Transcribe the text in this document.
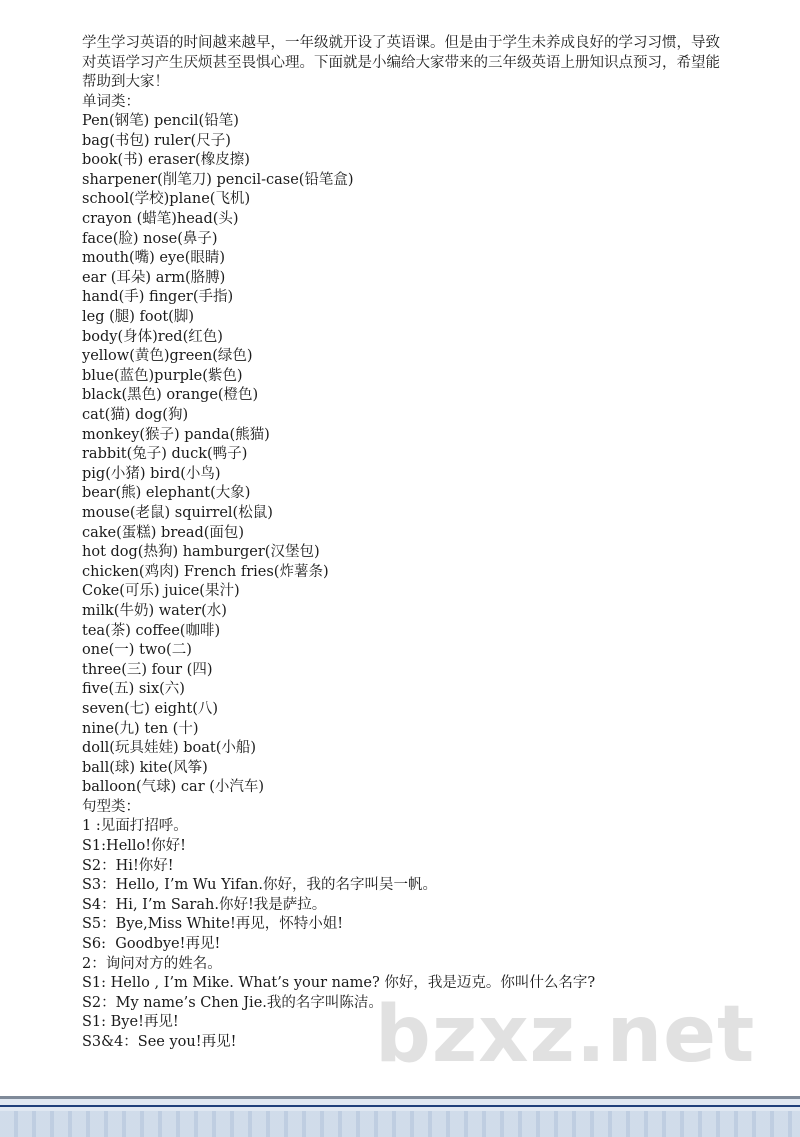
学生学习英语的时间越来越早，一年级就开设了英语课。但是由于学生未养成良好的学习习惯，导致对英语学习产生厌烦甚至畏惧心理。下面就是小编给大家带来的三年级英语上册知识点预习，希望能帮助到大家！

单词类：
Pen(钢笔) pencil(铅笔)
bag(书包) ruler(尺子)
book(书) eraser(橡皮擦)
sharpener(削笔刀) pencil-case(铅笔盒)
school(学校)plane(飞机)
crayon (蜡笔)head(头)
face(脸) nose(鼻子)
mouth(嘴) eye(眼睛)
ear (耳朵) arm(胳膊)
hand(手) finger(手指)
leg (腿) foot(脚)
body(身体)red(红色)
yellow(黄色)green(绿色)
blue(蓝色)purple(紫色)
black(黑色) orange(橙色)
cat(猫) dog(狗)
monkey(猴子) panda(熊猫)
rabbit(兔子) duck(鸭子)
pig(小猪) bird(小鸟)
bear(熊) elephant(大象)
mouse(老鼠) squirrel(松鼠)
cake(蛋糕) bread(面包)
hot dog(热狗) hamburger(汉堡包)
chicken(鸡肉) French fries(炸薯条)
Coke(可乐) juice(果汁)
milk(牛奶) water(水)
tea(茶) coffee(咖啡)
one(一) two(二)
three(三) four (四)
five(五) six(六)
seven(七) eight(八)
nine(九) ten (十)
doll(玩具娃娃) boat(小船)
ball(球) kite(风筝)
balloon(气球) car (小汽车)
句型类：
1 :见面打招呼。
S1:Hello!你好!
S2：Hi!你好!
S3：Hello, I’m Wu Yifan.你好，我的名字叫吴一帆。
S4：Hi, I’m Sarah.你好!我是萨拉。
S5：Bye,Miss White!再见，怀特小姐!
S6:  Goodbye!再见!
2：询问对方的姓名。
S1: Hello , I’m Mike. What’s your name? 你好，我是迈克。你叫什么名字?
S2：My name’s Chen Jie.我的名字叫陈洁。
S1: Bye!再见!
S3&4：See you!再见!	bzxz.net
